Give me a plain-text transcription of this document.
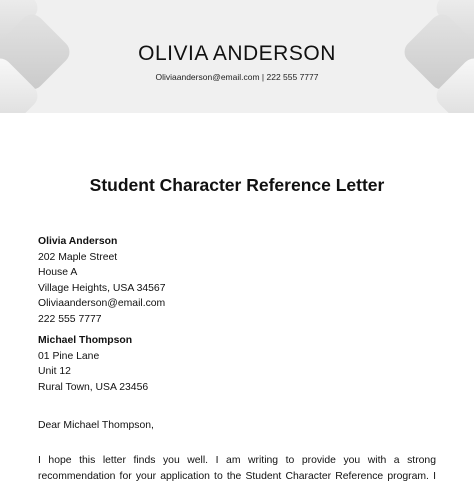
OLIVIA ANDERSON
Oliviaanderson@email.com | 222 555 7777
Student Character Reference Letter
Olivia Anderson
202 Maple Street
House A
Village Heights, USA 34567
Oliviaanderson@email.com
222 555 7777
Michael Thompson
01 Pine Lane
Unit 12
Rural Town, USA 23456
Dear Michael Thompson,
I hope this letter finds you well. I am writing to provide you with a strong
recommendation for your application to the Student Character Reference program. I
